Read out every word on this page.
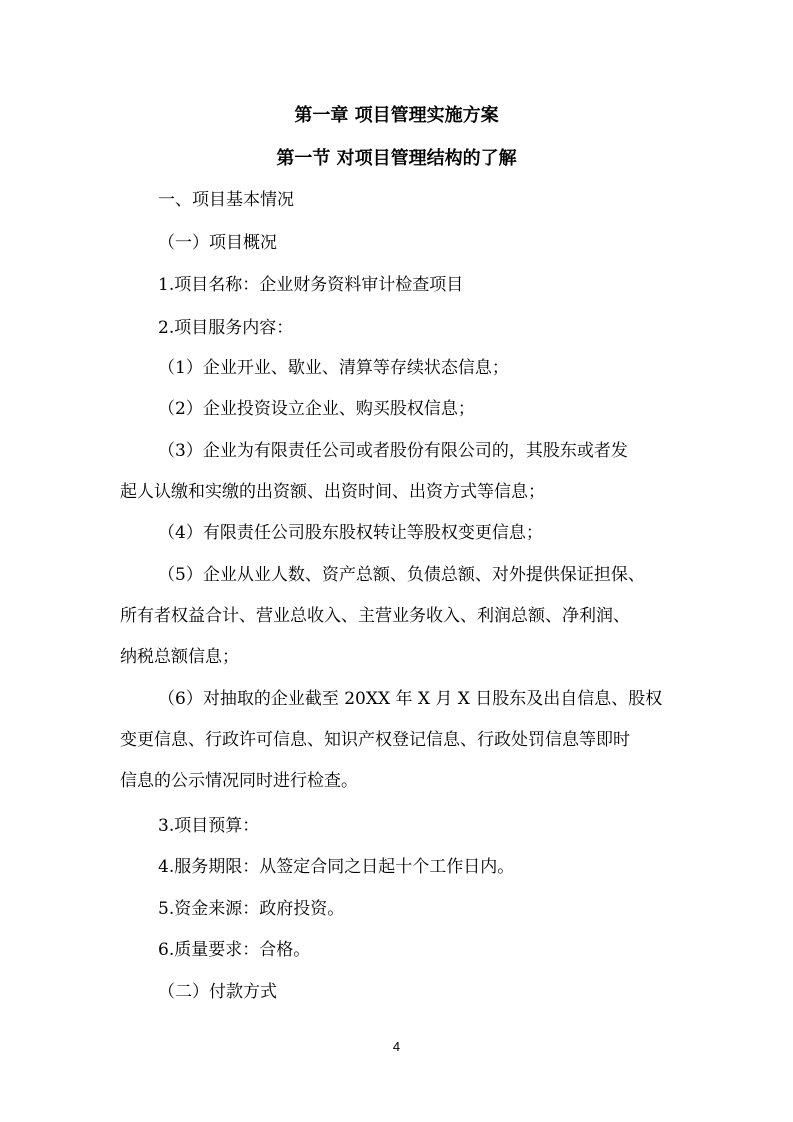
第一章 项目管理实施方案
第一节 对项目管理结构的了解
一、项目基本情况
（一）项目概况
1.项目名称：企业财务资料审计检查项目
2.项目服务内容：
（1）企业开业、歇业、清算等存续状态信息；
（2）企业投资设立企业、购买股权信息；
（3）企业为有限责任公司或者股份有限公司的，其股东或者发
起人认缴和实缴的出资额、出资时间、出资方式等信息；
（4）有限责任公司股东股权转让等股权变更信息；
（5）企业从业人数、资产总额、负债总额、对外提供保证担保、
所有者权益合计、营业总收入、主营业务收入、利润总额、净利润、
纳税总额信息；
（6）对抽取的企业截至 20XX 年 X 月 X 日股东及出自信息、股权
变更信息、行政许可信息、知识产权登记信息、行政处罚信息等即时
信息的公示情况同时进行检查。
3.项目预算：
4.服务期限：从签定合同之日起十个工作日内。
5.资金来源：政府投资。
6.质量要求：合格。
（二）付款方式
4
